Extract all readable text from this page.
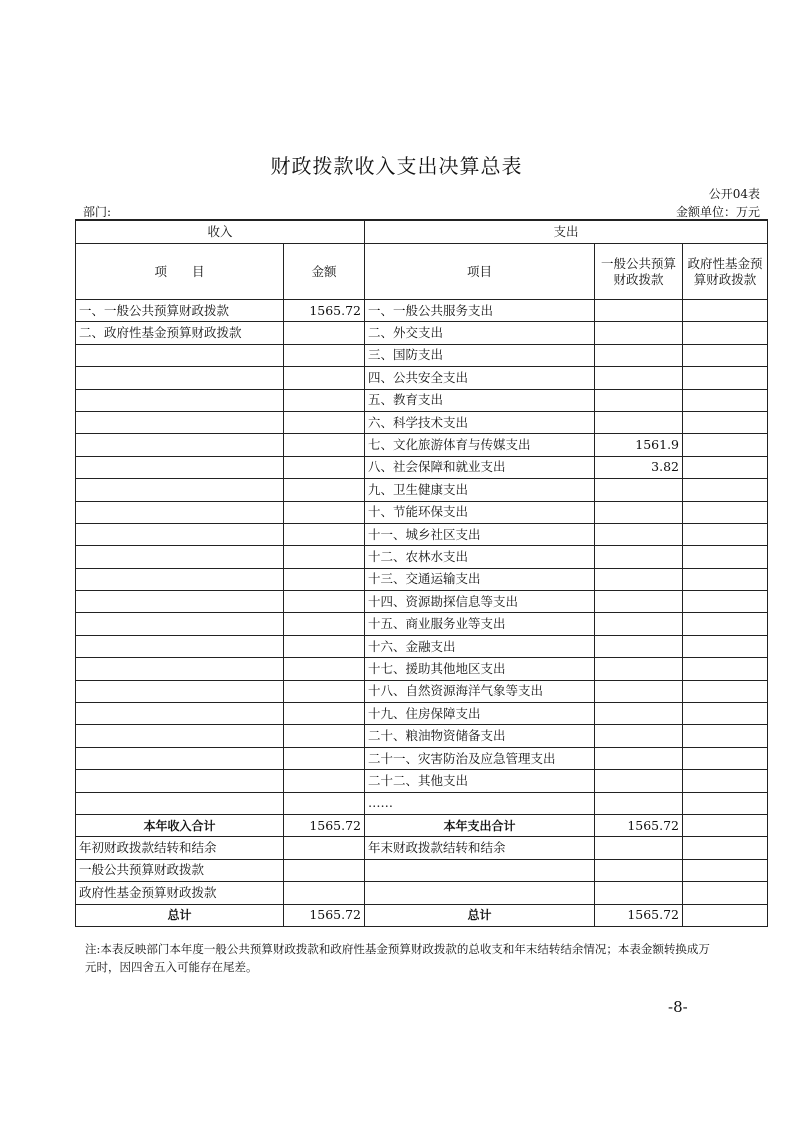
财政拨款收入支出决算总表
公开04表
部门:	金额单位：万元
收入		支出		
项　　目	金额	项目	一般公共预算财政拨款	政府性基金预算财政拨款
一、一般公共预算财政拨款	1565.72	一、一般公共服务支出		
二、政府性基金预算财政拨款		二、外交支出		
		三、国防支出		
		四、公共安全支出		
		五、教育支出		
		六、科学技术支出		
		七、文化旅游体育与传媒支出	1561.9	
		八、社会保障和就业支出	3.82	
		九、卫生健康支出		
		十、节能环保支出		
		十一、城乡社区支出		
		十二、农林水支出		
		十三、交通运输支出		
		十四、资源勘探信息等支出		
		十五、商业服务业等支出		
		十六、金融支出		
		十七、援助其他地区支出		
		十八、自然资源海洋气象等支出		
		十九、住房保障支出		
		二十、粮油物资储备支出		
		二十一、灾害防治及应急管理支出		
		二十二、其他支出		
		……		
本年收入合计	1565.72	本年支出合计	1565.72	
年初财政拨款结转和结余		年末财政拨款结转和结余		
一般公共预算财政拨款				
政府性基金预算财政拨款				
总计	1565.72	总计	1565.72	
注:本表反映部门本年度一般公共预算财政拨款和政府性基金预算财政拨款的总收支和年末结转结余情况；本表金额转换成万元时，因四舍五入可能存在尾差。
-8-
